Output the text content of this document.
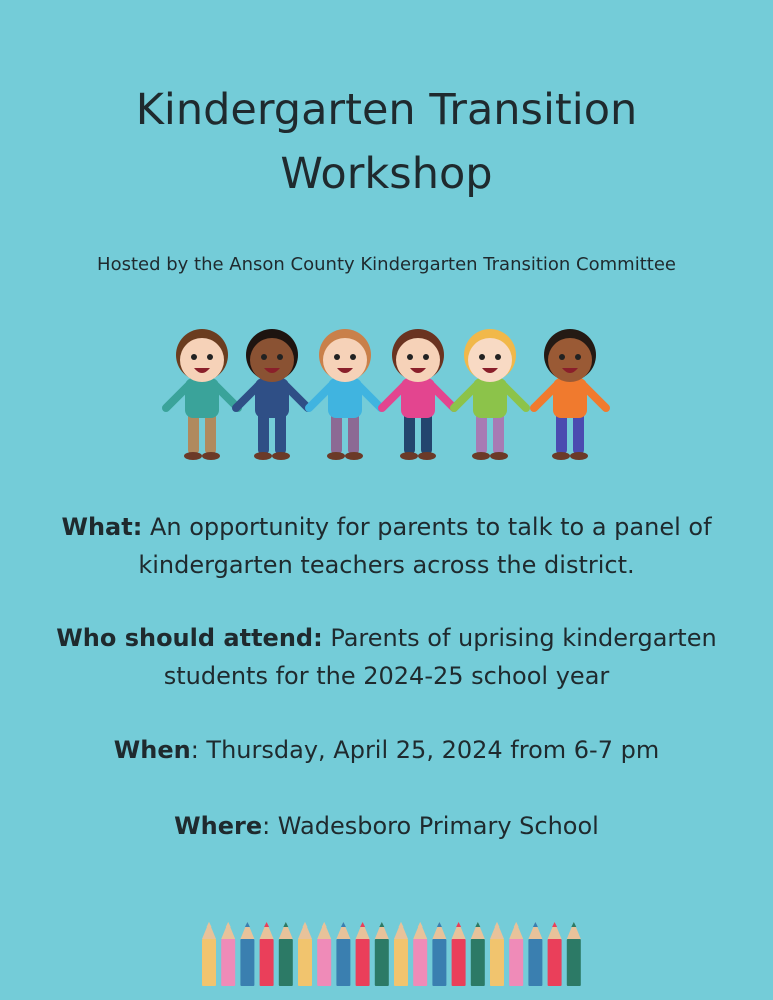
Kindergarten Transition
Workshop
Hosted by the Anson County Kindergarten Transition Committee

What: An opportunity for parents to talk to a panel of kindergarten teachers across the district.

Who should attend: Parents of uprising kindergarten students for the 2024-25 school year

When: Thursday, April 25, 2024 from 6-7 pm

Where: Wadesboro Primary School
